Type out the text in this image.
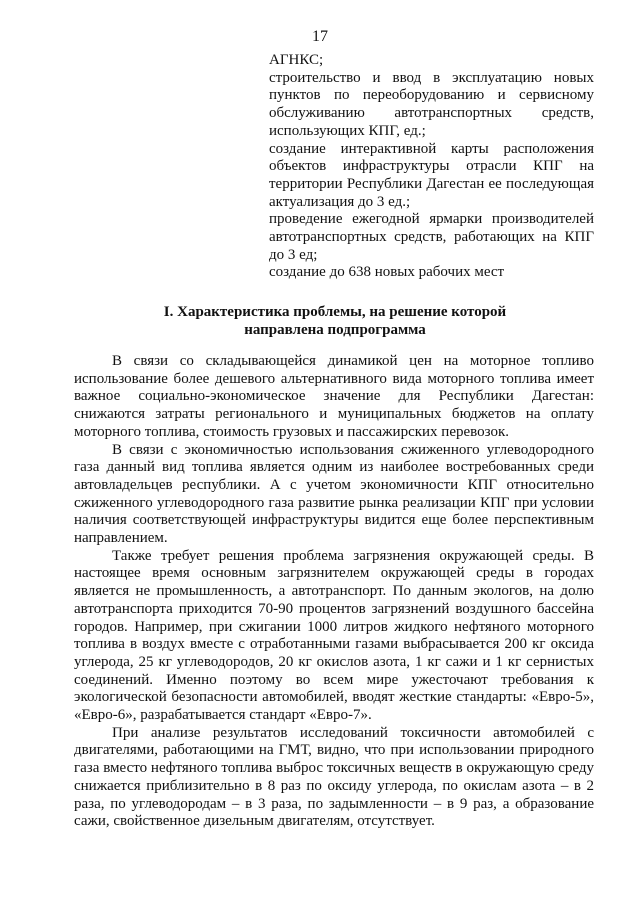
17

АГНКС;

строительство и ввод в эксплуатацию новых пунктов по переоборудованию и сервисному обслуживанию автотранспортных средств, использующих КПГ, ед.;

создание интерактивной карты расположения объектов инфраструктуры отрасли КПГ на территории Республики Дагестан ее последующая актуализация до 3 ед.;

проведение ежегодной ярмарки производителей автотранспортных средств, работающих на КПГ до 3 ед;

создание до 638 новых рабочих мест

I. Характеристика проблемы, на решение которой
направлена подпрограмма

В связи со складывающейся динамикой цен на моторное топливо использование более дешевого альтернативного вида моторного топлива имеет важное социально-экономическое значение для Республики Дагестан: снижаются затраты регионального и муниципальных бюджетов на оплату моторного топлива, стоимость грузовых и пассажирских перевозок.

В связи с экономичностью использования сжиженного углеводородного газа данный вид топлива является одним из наиболее востребованных среди автовладельцев республики. А с учетом экономичности КПГ относительно сжиженного углеводородного газа развитие рынка реализации КПГ при условии наличия соответствующей инфраструктуры видится еще более перспективным направлением.

Также требует решения проблема загрязнения окружающей среды. В настоящее время основным загрязнителем окружающей среды в городах является не промышленность, а автотранспорт. По данным экологов, на долю автотранспорта приходится 70-90 процентов загрязнений воздушного бассейна городов. Например, при сжигании 1000 литров жидкого нефтяного моторного топлива в воздух вместе с отработанными газами выбрасывается 200 кг оксида углерода, 25 кг углеводородов, 20 кг окислов азота, 1 кг сажи и 1 кг сернистых соединений. Именно поэтому во всем мире ужесточают требования к экологической безопасности автомобилей, вводят жесткие стандарты: «Евро-5», «Евро-6», разрабатывается стандарт «Евро-7».

При анализе результатов исследований токсичности автомобилей с двигателями, работающими на ГМТ, видно, что при использовании природного газа вместо нефтяного топлива выброс токсичных веществ в окружающую среду снижается приблизительно в 8 раз по оксиду углерода, по окислам азота – в 2 раза, по углеводородам – в 3 раза, по задымленности – в 9 раз, а образование сажи, свойственное дизельным двигателям, отсутствует.
